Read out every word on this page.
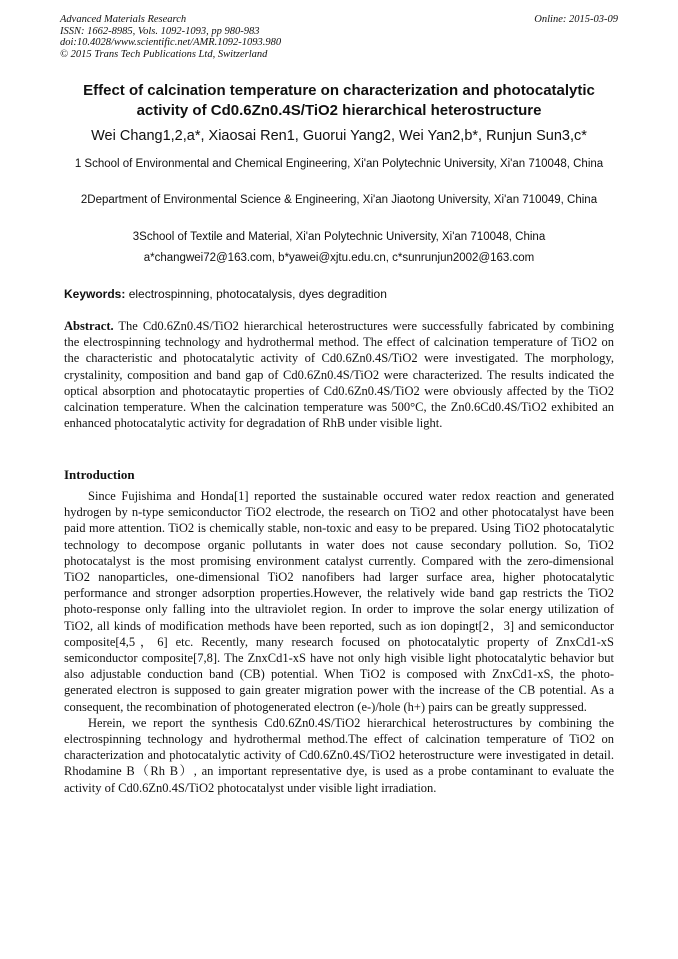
Advanced Materials Research
ISSN: 1662-8985, Vols. 1092-1093, pp 980-983
doi:10.4028/www.scientific.net/AMR.1092-1093.980
© 2015 Trans Tech Publications Ltd, Switzerland
Online: 2015-03-09
Effect of calcination temperature on characterization and photocatalytic
activity of Cd0.6Zn0.4S/TiO2 hierarchical heterostructure
Wei Chang1,2,a*, Xiaosai Ren1, Guorui Yang2, Wei Yan2,b*, Runjun Sun3,c*
1 School of Environmental and Chemical Engineering, Xi'an Polytechnic University, Xi'an 710048, China
2Department of Environmental Science & Engineering, Xi'an Jiaotong University, Xi'an 710049, China
3School of Textile and Material, Xi'an Polytechnic University, Xi'an 710048, China
a*changwei72@163.com, b*yawei@xjtu.edu.cn, c*sunrunjun2002@163.com
Keywords: electrospinning, photocatalysis, dyes degradition
Abstract. The Cd0.6Zn0.4S/TiO2 hierarchical heterostructures were successfully fabricated by combining the electrospinning technology and hydrothermal method. The effect of calcination temperature of TiO2 on the characteristic and photocatalytic activity of Cd0.6Zn0.4S/TiO2 were investigated. The morphology, crystalinity, composition and band gap of Cd0.6Zn0.4S/TiO2 were characterized. The results indicated the optical absorption and photocataytic properties of Cd0.6Zn0.4S/TiO2 were obviously affected by the TiO2 calcination temperature. When the calcination temperature was 500°C, the Zn0.6Cd0.4S/TiO2 exhibited an enhanced photocatalytic activity for degradation of RhB under visible light.
Introduction

Since Fujishima and Honda[1] reported the sustainable occured water redox reaction and generated hydrogen by n-type semiconductor TiO2 electrode, the research on TiO2 and other photocatalyst have been paid more attention. TiO2 is chemically stable, non-toxic and easy to be prepared. Using TiO2 photocatalytic technology to decompose organic pollutants in water does not cause secondary pollution. So, TiO2 photocatalyst is the most promising environment catalyst currently. Compared with the zero-dimensional TiO2 nanoparticles, one-dimensional TiO2 nanofibers had larger surface area, higher photocatalytic performance and stronger adsorption properties.However, the relatively wide band gap restricts the TiO2 photo-response only falling into the ultraviolet region. In order to improve the solar energy utilization of TiO2, all kinds of modification methods have been reported, such as ion dopingt[2，3] and semiconductor composite[4,5，6] etc. Recently, many research focused on photocatalytic property of ZnxCd1-xS semiconductor composite[7,8]. The ZnxCd1-xS have not only high visible light photocatalytic behavior but also adjustable conduction band (CB) potential. When TiO2 is composed with ZnxCd1-xS, the photo-generated electron is supposed to gain greater migration power with the increase of the CB potential. As a consequent, the recombination of photogenerated electron (e-)/hole (h+) pairs can be greatly suppressed.

Herein, we report the synthesis Cd0.6Zn0.4S/TiO2 hierarchical heterostructures by combining the electrospinning technology and hydrothermal method.The effect of calcination temperature of TiO2 on characterization and photocatalytic activity of Cd0.6Zn0.4S/TiO2 heterostructure were investigated in detail. Rhodamine B（Rh B）, an important representative dye, is used as a probe contaminant to evaluate the activity of Cd0.6Zn0.4S/TiO2 photocatalyst under visible light irradiation.
